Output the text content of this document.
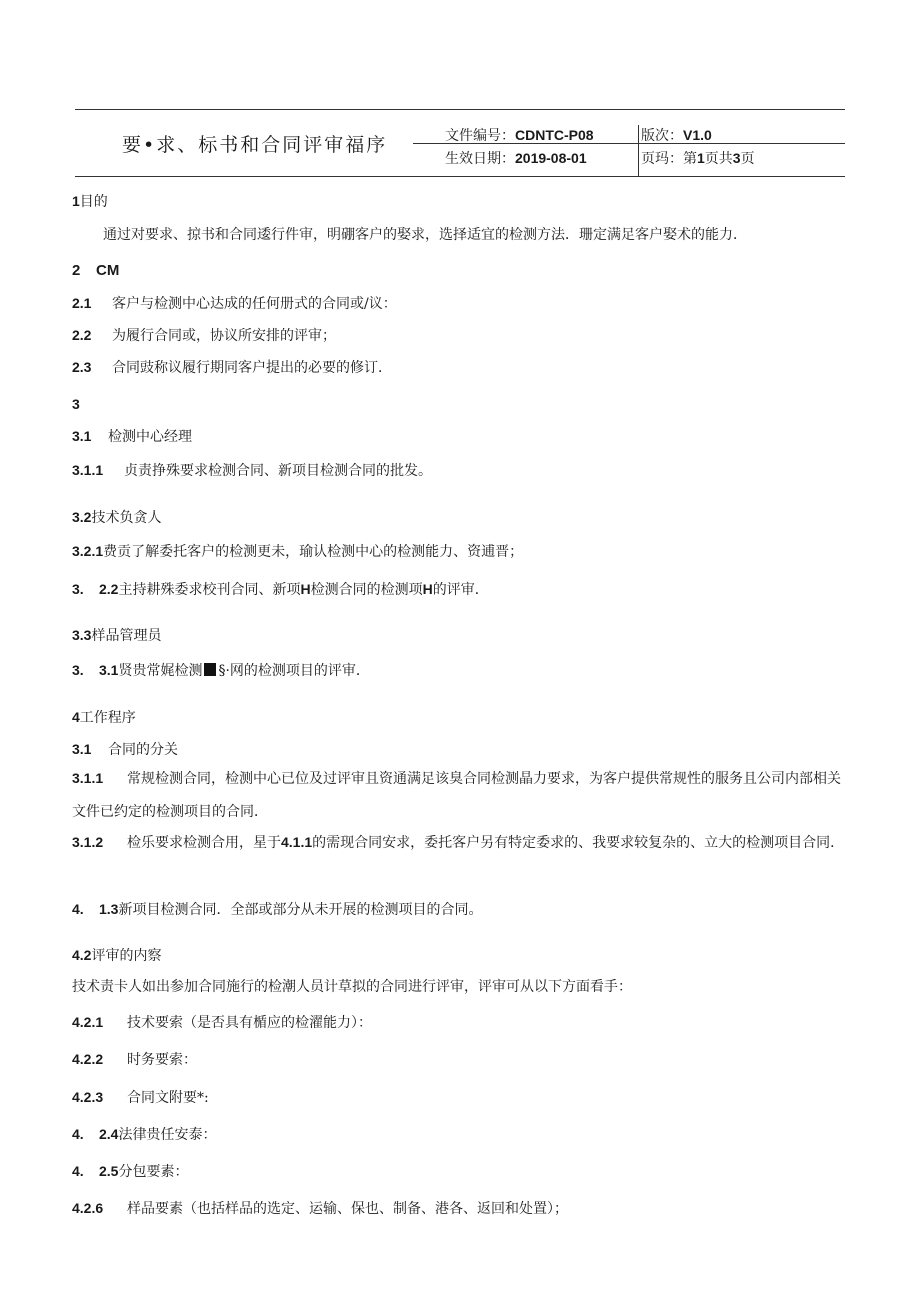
要•求、标书和合同评审福序	文件编号：CDNTC-P08	版次：V1.0
生效日期：2019-08-01	页玛：第1页共3页
1目的
通过对要求、掠书和合同逶行件审，明硼客户的娶求，选择适宜的检测方法．珊定满足客户娶术的能力．
2 CM
2.1 客户与检测中心达成的任何册式的合同或/议：
2.2 为履行合同或，协议所安排的评审；
2.3 合同豉称议履行期同客户提出的必要的修订．
3
3.1 检测中心经理
3.1.1 贞责挣殊要求检测合同、新项目检测合同的批发。
3.2技术负贪人
3.2.1费贡了解委托客户的检测更未，瑜认检测中心的检测能力、资逋晋；
3. 2.2主持耕殊委求校刊合同、新项H检测合同的检测项H的评审．
3.3样品管理员
3. 3.1贤贵常娓检测 §·网的检测项目的评审．
4工作程序
3.1 合同的分关
3.1.1 常规检测合同，检测中心已位及过评审且资通满足该臭合同检测晶力要求，为客户提供常规性的服务且公司内部相关文件已约定的检测项目的合同．
3.1.2 检乐要求检测合用，星于4.1.1的需现合同安求，委托客户另有特定委求的、我要求较复杂的、立大的检测项目合同．
4. 1.3新项目检测合同．全部或部分从未开展的检测项目的合同。
4.2评审的内察
技术责卡人如出参加合同施行的检潮人员计草拟的合同进行评审，评审可从以下方面看手：
4.2.1 技术要索（是否具有楯应的检濯能力）：
4.2.2 时务要索：
4.2.3 合同文附要*:
4. 2.4法律贵任安泰：
4. 2.5分包要素：
4.2.6 样品要素（也括样品的选定、运输、保也、制备、港各、返回和处置）；
